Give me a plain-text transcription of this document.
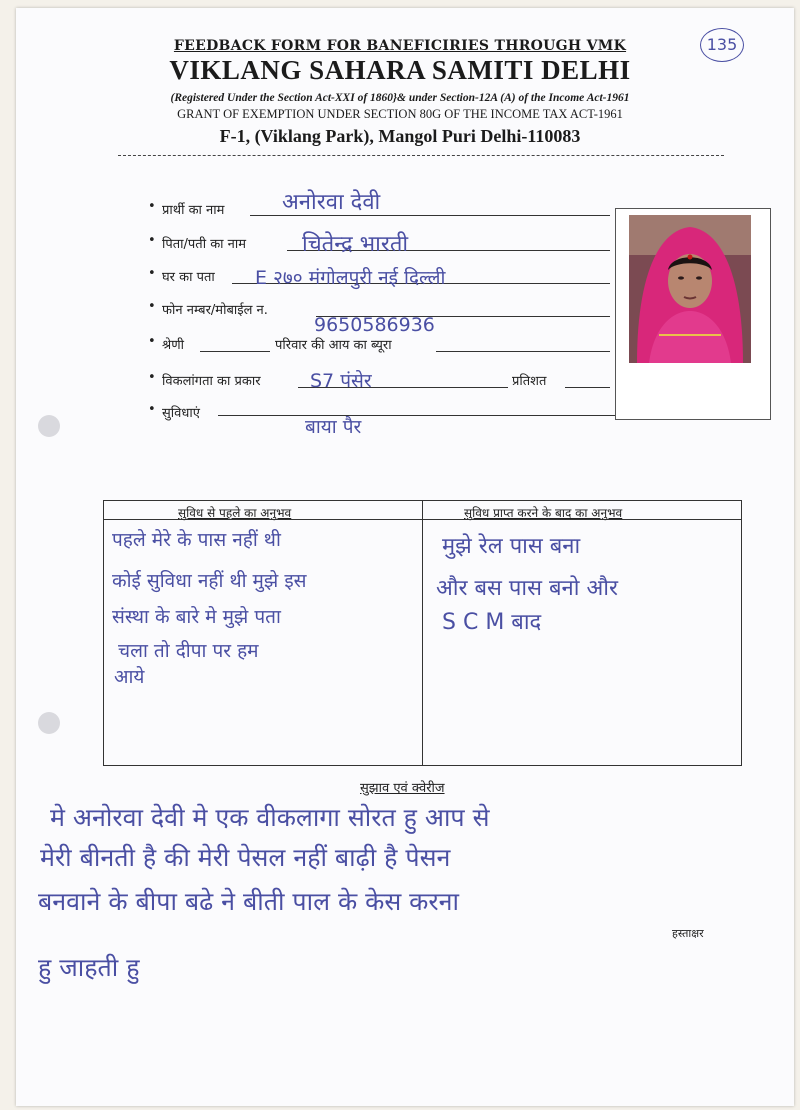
135
FEEDBACK FORM FOR BANEFICIRIES THROUGH VMK
VIKLANG SAHARA SAMITI DELHI
(Registered Under the Section Act-XXI of 1860}& under Section-12A (A) of the Income Act-1961
GRANT OF EXEMPTION UNDER SECTION 80G OF THE INCOME TAX ACT-1961
F-1, (Viklang Park), Mangol Puri Delhi-110083
• प्रार्थी का नाम	अनोरवा देवी
• पिता/पती का नाम	चितेन्द्र भारती
• घर का पता E २७० मंगोलपुरी नई दिल्ली
• फोन नम्बर/मोबाईल न.
9650586936
• श्रेणी	परिवार की आय का ब्यूरा
• विकलांगता का प्रकार	S7 पंसेर	प्रतिशत
• सुविधाएं
बाया पैर
सुविध से पहले का अनुभव	सुविध प्राप्त करने के बाद का अनुभव
पहले मेरे के पास नहीं थी
कोई सुविधा नहीं थी मुझे इस
संस्था के बारे मे मुझे पता
चला तो दीपा पर हम
आये
मुझे रेल पास बना
और बस पास बनो और
S C M बाद
सुझाव एवं क्वेरीज
मे अनोरवा देवी मे एक वीकलागा सोरत हु आप से
मेरी बीनती है की मेरी पेसल नहीं बाढ़ी है पेसन
बनवाने के बीपा बढे ने बीती पाल के केस करना
हु जाहती हु
हस्ताक्षर
